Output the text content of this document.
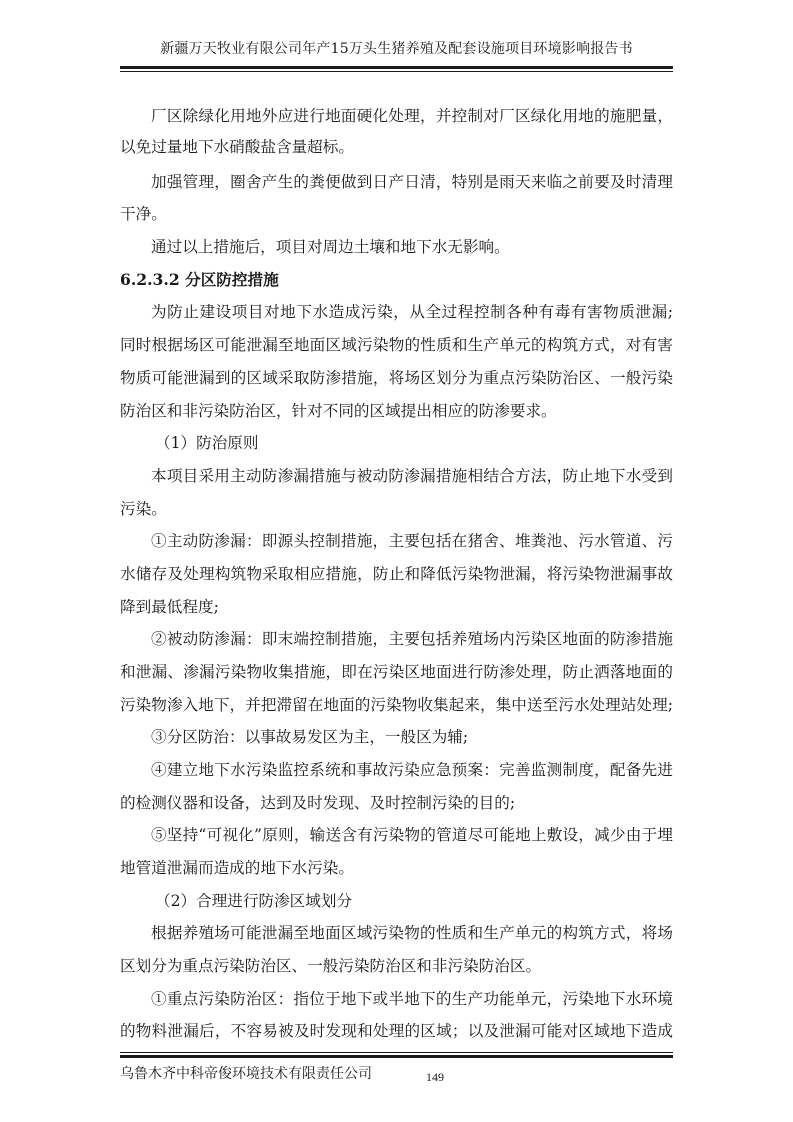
新疆万天牧业有限公司年产15万头生猪养殖及配套设施项目环境影响报告书
厂区除绿化用地外应进行地面硬化处理，并控制对厂区绿化用地的施肥量，
以免过量地下水硝酸盐含量超标。
加强管理，圈舍产生的粪便做到日产日清，特别是雨天来临之前要及时清理
干净。
通过以上措施后，项目对周边土壤和地下水无影响。
6.2.3.2 分区防控措施
为防止建设项目对地下水造成污染，从全过程控制各种有毒有害物质泄漏;
同时根据场区可能泄漏至地面区域污染物的性质和生产单元的构筑方式，对有害
物质可能泄漏到的区域采取防渗措施，将场区划分为重点污染防治区、一般污染
防治区和非污染防治区，针对不同的区域提出相应的防渗要求。
（1）防治原则
本项目采用主动防渗漏措施与被动防渗漏措施相结合方法，防止地下水受到
污染。
①主动防渗漏：即源头控制措施，主要包括在猪舍、堆粪池、污水管道、污
水储存及处理构筑物采取相应措施，防止和降低污染物泄漏，将污染物泄漏事故
降到最低程度;
②被动防渗漏：即末端控制措施，主要包括养殖场内污染区地面的防渗措施
和泄漏、渗漏污染物收集措施，即在污染区地面进行防渗处理，防止洒落地面的
污染物渗入地下，并把滞留在地面的污染物收集起来，集中送至污水处理站处理;
③分区防治：以事故易发区为主，一般区为辅;
④建立地下水污染监控系统和事故污染应急预案：完善监测制度，配备先进
的检测仪器和设备，达到及时发现、及时控制污染的目的;
⑤坚持“可视化”原则，输送含有污染物的管道尽可能地上敷设，减少由于埋
地管道泄漏而造成的地下水污染。
（2）合理进行防渗区域划分
根据养殖场可能泄漏至地面区域污染物的性质和生产单元的构筑方式，将场
区划分为重点污染防治区、一般污染防治区和非污染防治区。
①重点污染防治区：指位于地下或半地下的生产功能单元，污染地下水环境
的物料泄漏后，不容易被及时发现和处理的区域；以及泄漏可能对区域地下造成
乌鲁木齐中科帝俊环境技术有限责任公司	149
